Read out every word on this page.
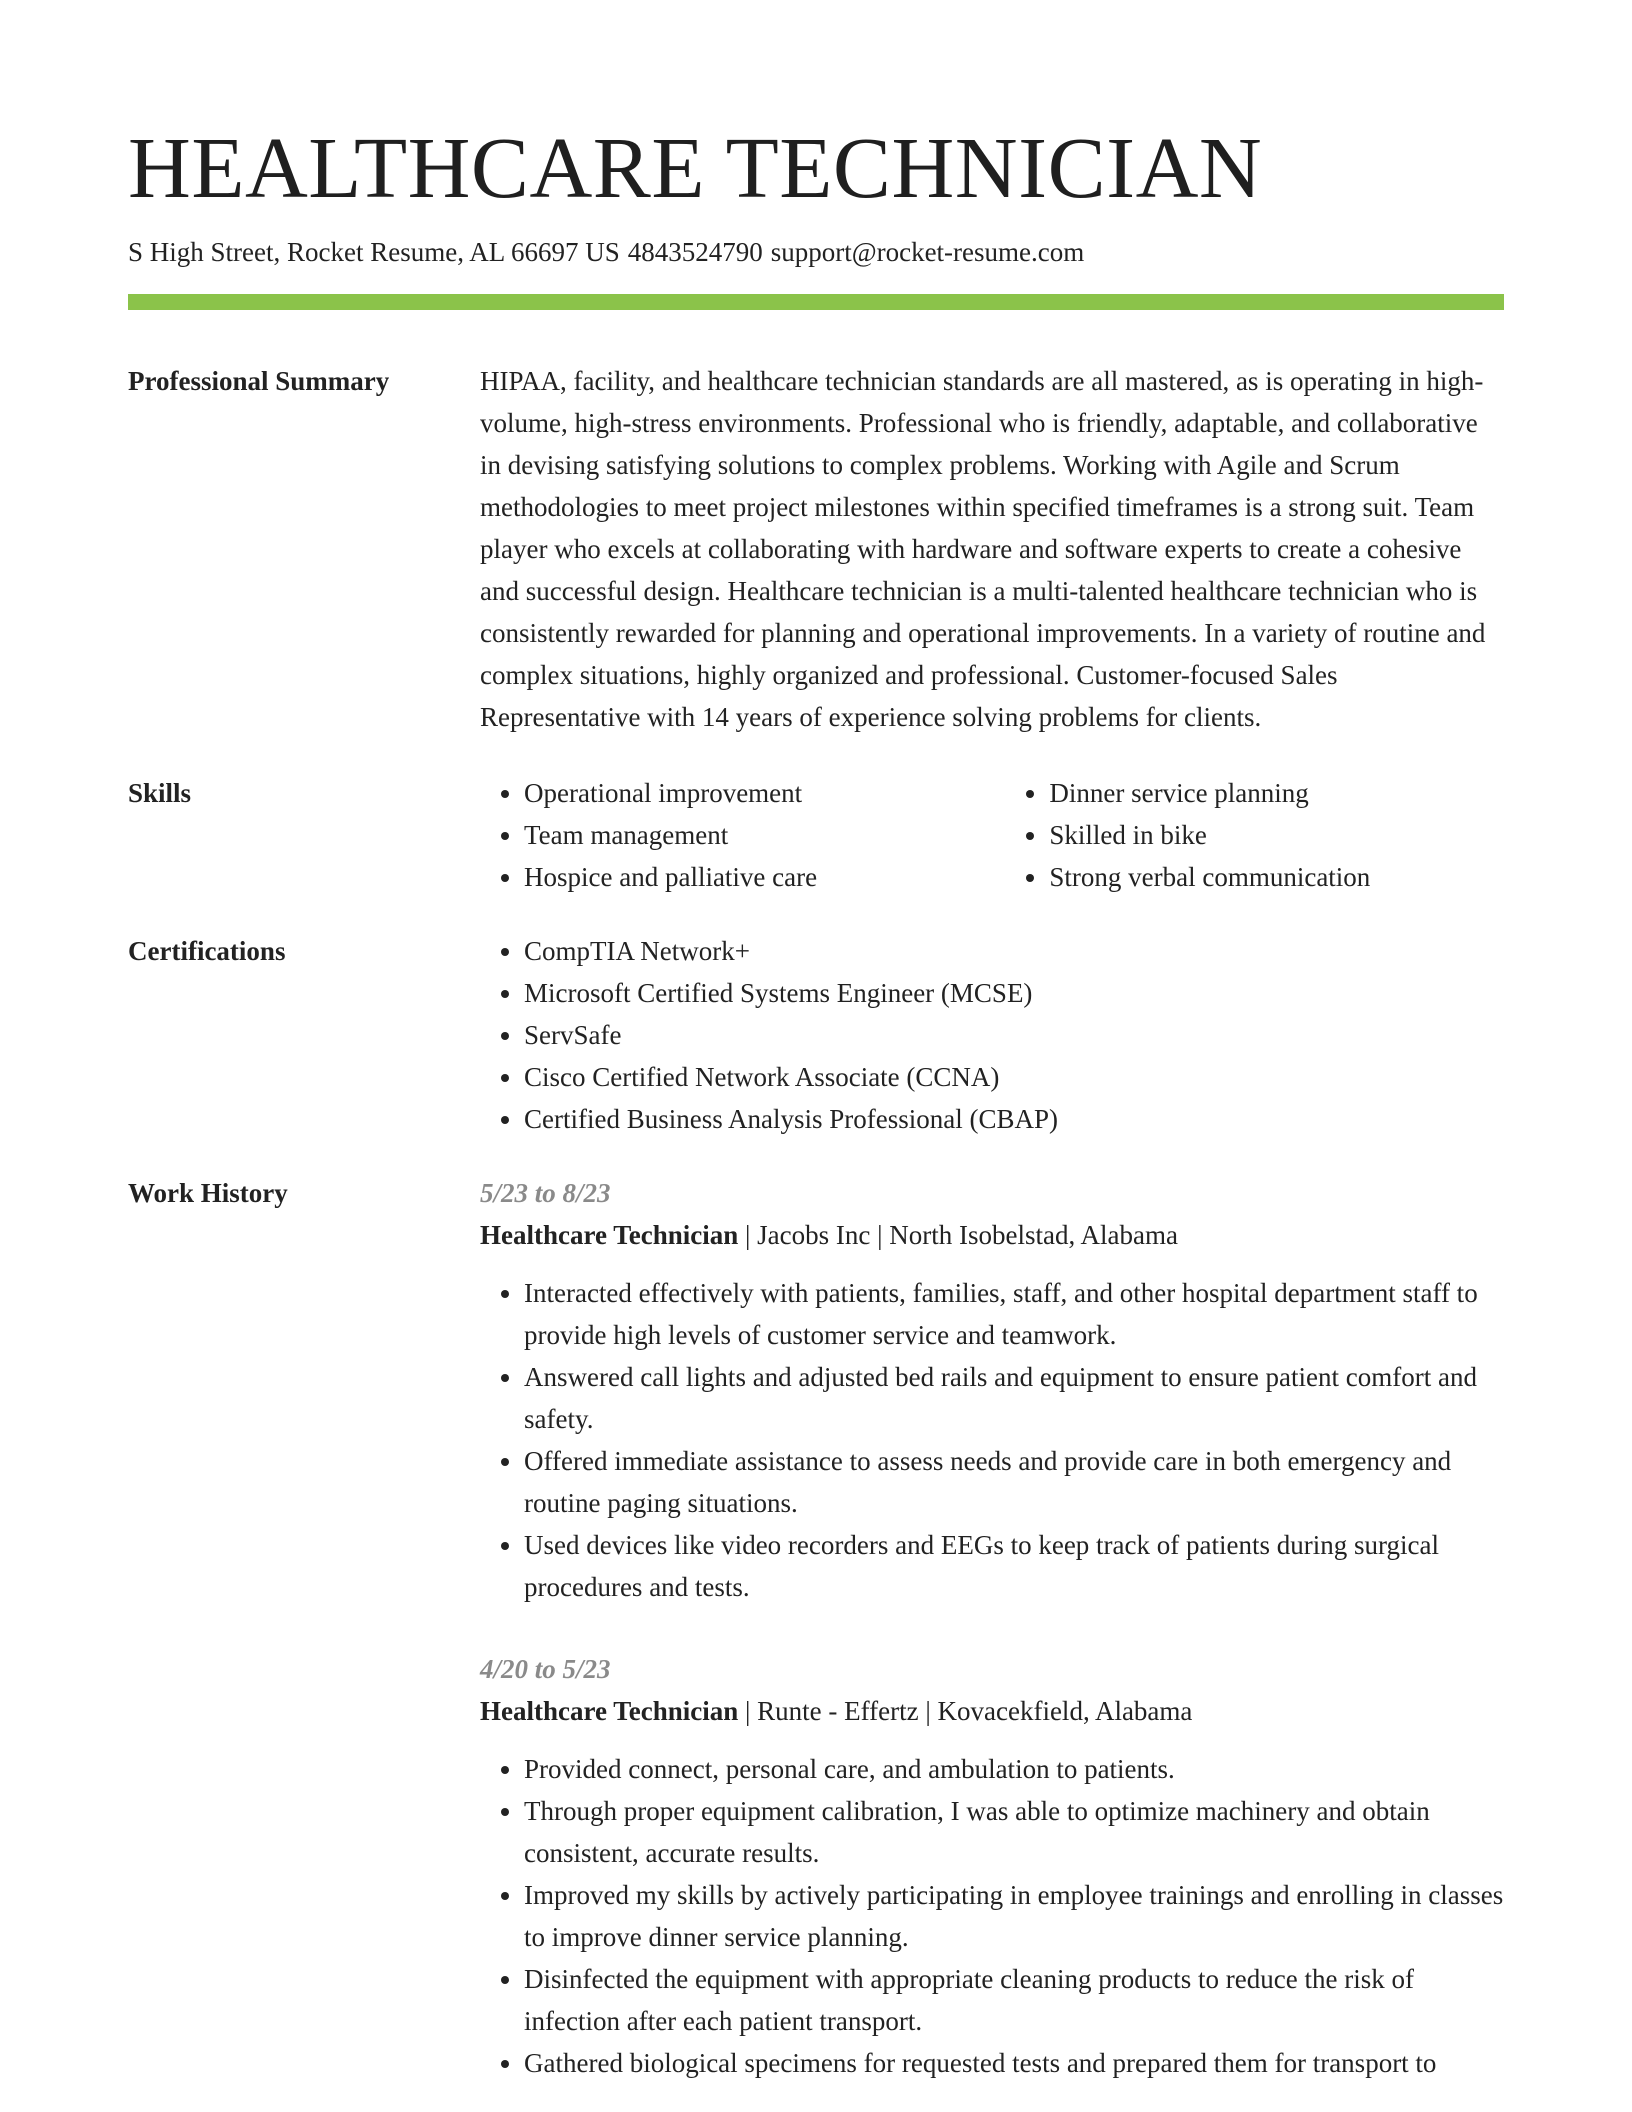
HEALTHCARE TECHNICIAN
S High Street, Rocket Resume, AL 66697 US 4843524790 support@rocket-resume.com
Professional Summary	HIPAA, facility, and healthcare technician standards are all mastered, as is operating in high-volume, high-stress environments. Professional who is friendly, adaptable, and collaborative in devising satisfying solutions to complex problems. Working with Agile and Scrum methodologies to meet project milestones within specified timeframes is a strong suit. Team player who excels at collaborating with hardware and software experts to create a cohesive and successful design. Healthcare technician is a multi-talented healthcare technician who is consistently rewarded for planning and operational improvements. In a variety of routine and complex situations, highly organized and professional. Customer-focused Sales Representative with 14 years of experience solving problems for clients.

Skills	• Operational improvement
• Team management
• Hospice and palliative care
• Dinner service planning
• Skilled in bike
• Strong verbal communication
Certifications	• CompTIA Network+
• Microsoft Certified Systems Engineer (MCSE)
• ServSafe
• Cisco Certified Network Associate (CCNA)
• Certified Business Analysis Professional (CBAP)
Work History	5/23 to 8/23
Healthcare Technician | Jacobs Inc | North Isobelstad, Alabama
• Interacted effectively with patients, families, staff, and other hospital department staff to provide high levels of customer service and teamwork.
• Answered call lights and adjusted bed rails and equipment to ensure patient comfort and safety.
• Offered immediate assistance to assess needs and provide care in both emergency and routine paging situations.
• Used devices like video recorders and EEGs to keep track of patients during surgical procedures and tests.
4/20 to 5/23
Healthcare Technician | Runte - Effertz | Kovacekfield, Alabama
• Provided connect, personal care, and ambulation to patients.
• Through proper equipment calibration, I was able to optimize machinery and obtain consistent, accurate results.
• Improved my skills by actively participating in employee trainings and enrolling in classes to improve dinner service planning.
• Disinfected the equipment with appropriate cleaning products to reduce the risk of infection after each patient transport.
• Gathered biological specimens for requested tests and prepared them for transport to
